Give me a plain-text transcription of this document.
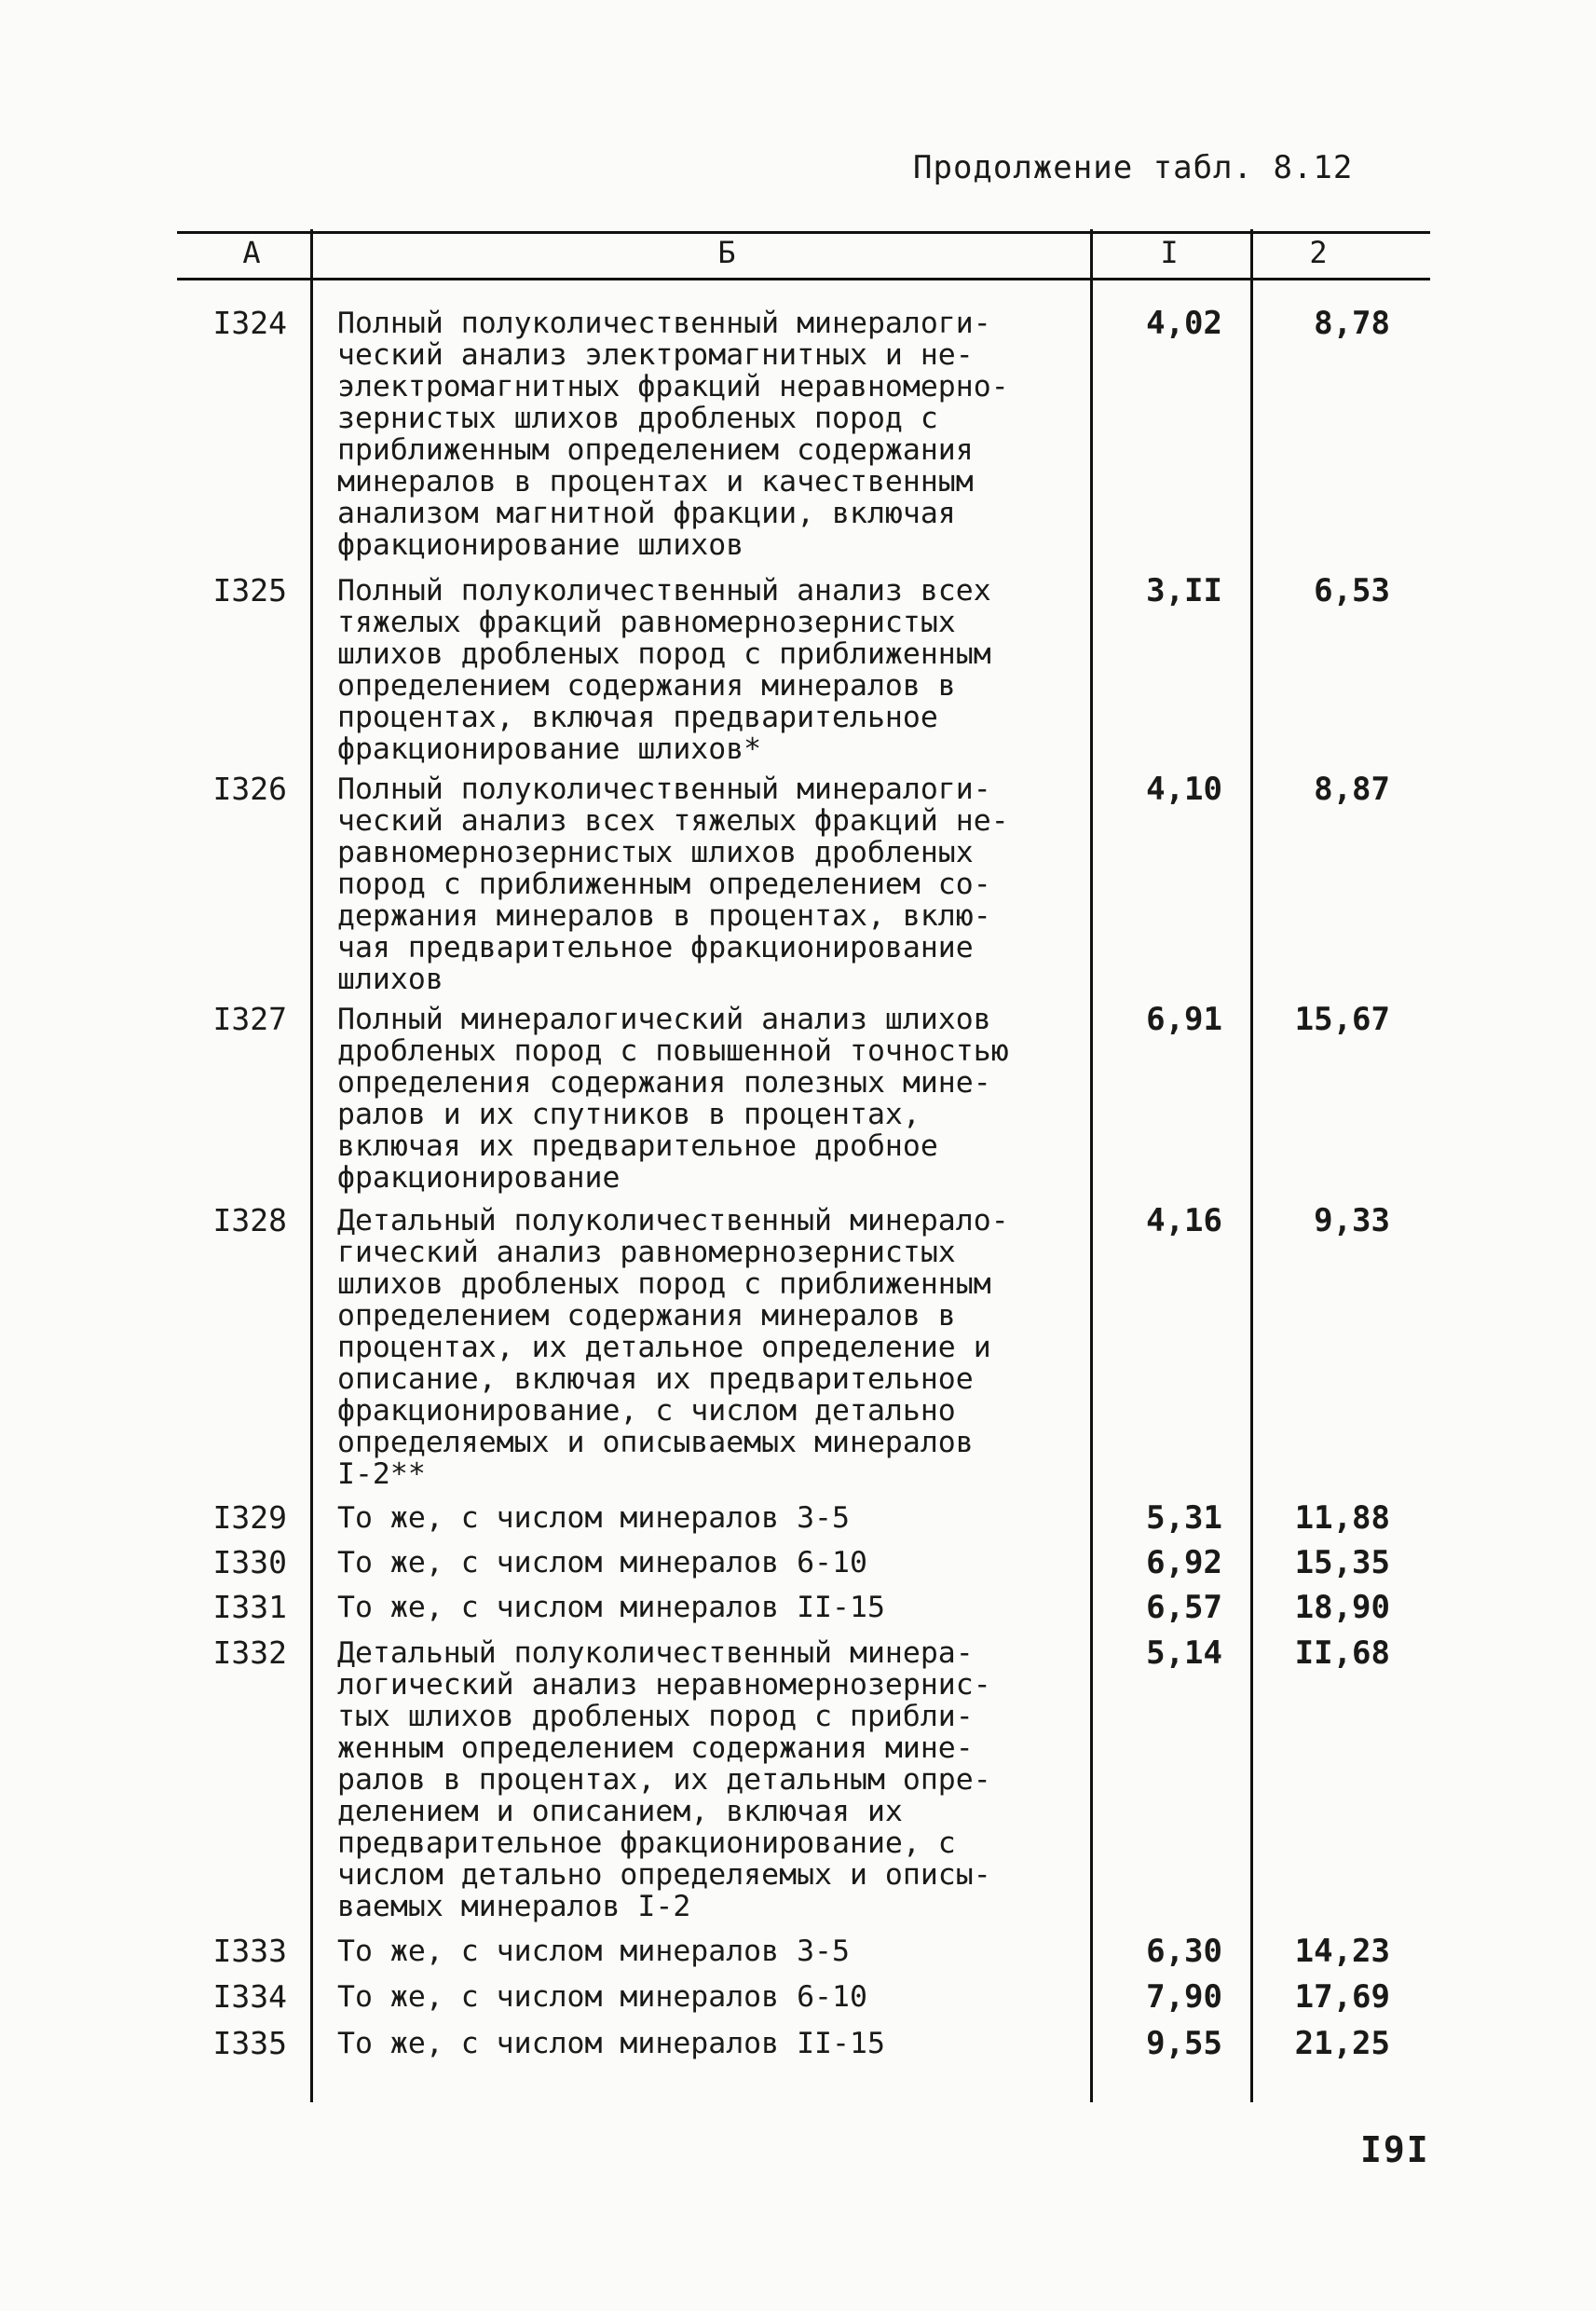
Продолжение табл. 8.12
А	Б	I	2
I324 Полный полуколичественный минералоги-
ческий анализ электромагнитных и не-
электромагнитных фракций неравномерно-
зернистых шлихов дробленых пород с
приближенным определением содержания
минералов в процентах и качественным
анализом магнитной фракции, включая
фракционирование шлихов
4,02	8,78
I325 Полный полуколичественный анализ всех
тяжелых фракций равномернозернистых
шлихов дробленых пород с приближенным
определением содержания минералов в
процентах, включая предварительное
фракционирование шлихов*
3,II	6,53
I326 Полный полуколичественный минералоги-
ческий анализ всех тяжелых фракций не-
равномернозернистых шлихов дробленых
пород с приближенным определением со-
держания минералов в процентах, вклю-
чая предварительное фракционирование
шлихов
4,10	8,87
I327 Полный минералогический анализ шлихов
дробленых пород с повышенной точностью
определения содержания полезных мине-
ралов и их спутников в процентах,
включая их предварительное дробное
фракционирование
6,91	15,67
I328 Детальный полуколичественный минерало-
гический анализ равномернозернистых
шлихов дробленых пород с приближенным
определением содержания минералов в
процентах, их детальное определение и
описание, включая их предварительное
фракционирование, с числом детально
определяемых и описываемых минералов
I-2**
4,16	9,33
I329 То же, с числом минералов 3-5	5,31	11,88
I330 То же, с числом минералов 6-10	6,92	15,35
I331 То же, с числом минералов II-15	6,57	18,90
I332 Детальный полуколичественный минера-
логический анализ неравномернозернис-
тых шлихов дробленых пород с прибли-
женным определением содержания мине-
ралов в процентах, их детальным опре-
делением и описанием, включая их
предварительное фракционирование, с
числом детально определяемых и описы-
ваемых минералов I-2
5,14	II,68
I333 То же, с числом минералов 3-5	6,30	14,23
I334 То же, с числом минералов 6-10	7,90	17,69
I335 То же, с числом минералов II-15	9,55	21,25
I9I
